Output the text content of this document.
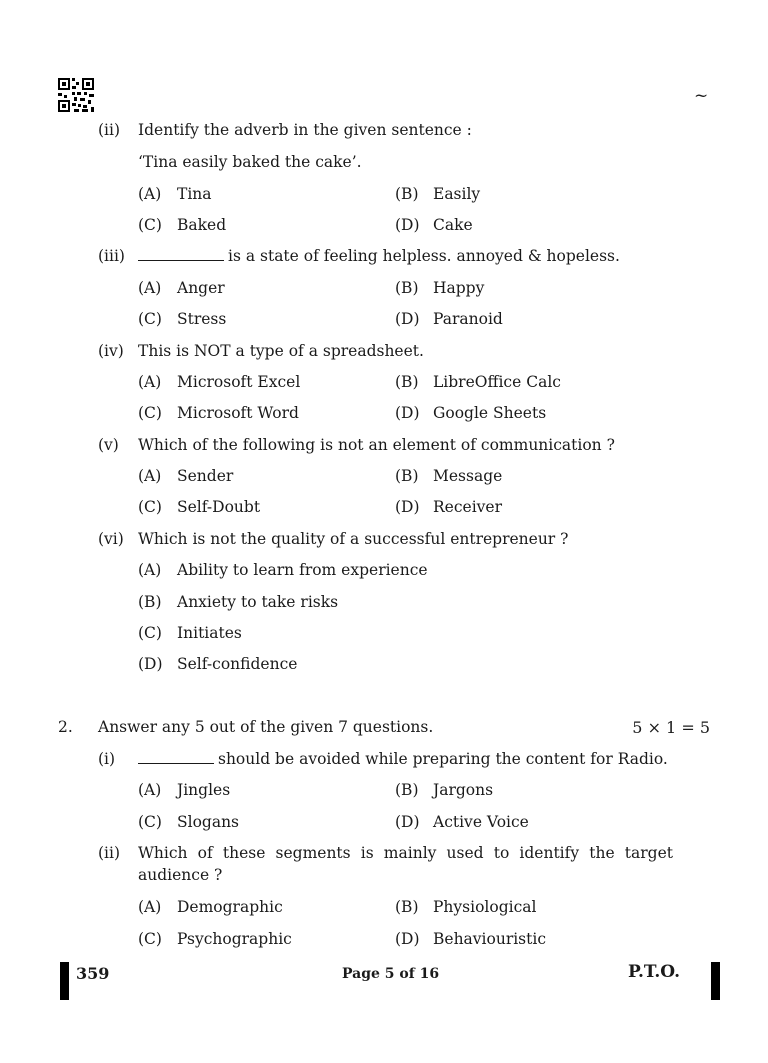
~
(ii) Identify the adverb in the given sentence :
‘Tina easily baked the cake’.
(A) Tina	(B) Easily
(C) Baked	(D) Cake
(iii)	is a state of feeling helpless. annoyed & hopeless.
(A) Anger	(B) Happy
(C) Stress	(D) Paranoid
(iv) This is NOT a type of a spreadsheet.
(A) Microsoft Excel	(B) LibreOffice Calc
(C) Microsoft Word	(D) Google Sheets
(v) Which of the following is not an element of communication ?
(A) Sender	(B) Message
(C) Self-Doubt	(D) Receiver
(vi) Which is not the quality of a successful entrepreneur ?
(A) Ability to learn from experience
(B) Anxiety to take risks
(C) Initiates
(D) Self-confidence
2. Answer any 5 out of the given 7 questions.	5 × 1 = 5
(i)	should be avoided while preparing the content for Radio.
(A) Jingles	(B) Jargons
(C) Slogans	(D) Active Voice
(ii) Which of these segments is mainly used to identify the target audience ?
(A) Demographic	(B) Physiological
(C) Psychographic	(D) Behaviouristic
359	Page 5 of 16	P.T.O.
